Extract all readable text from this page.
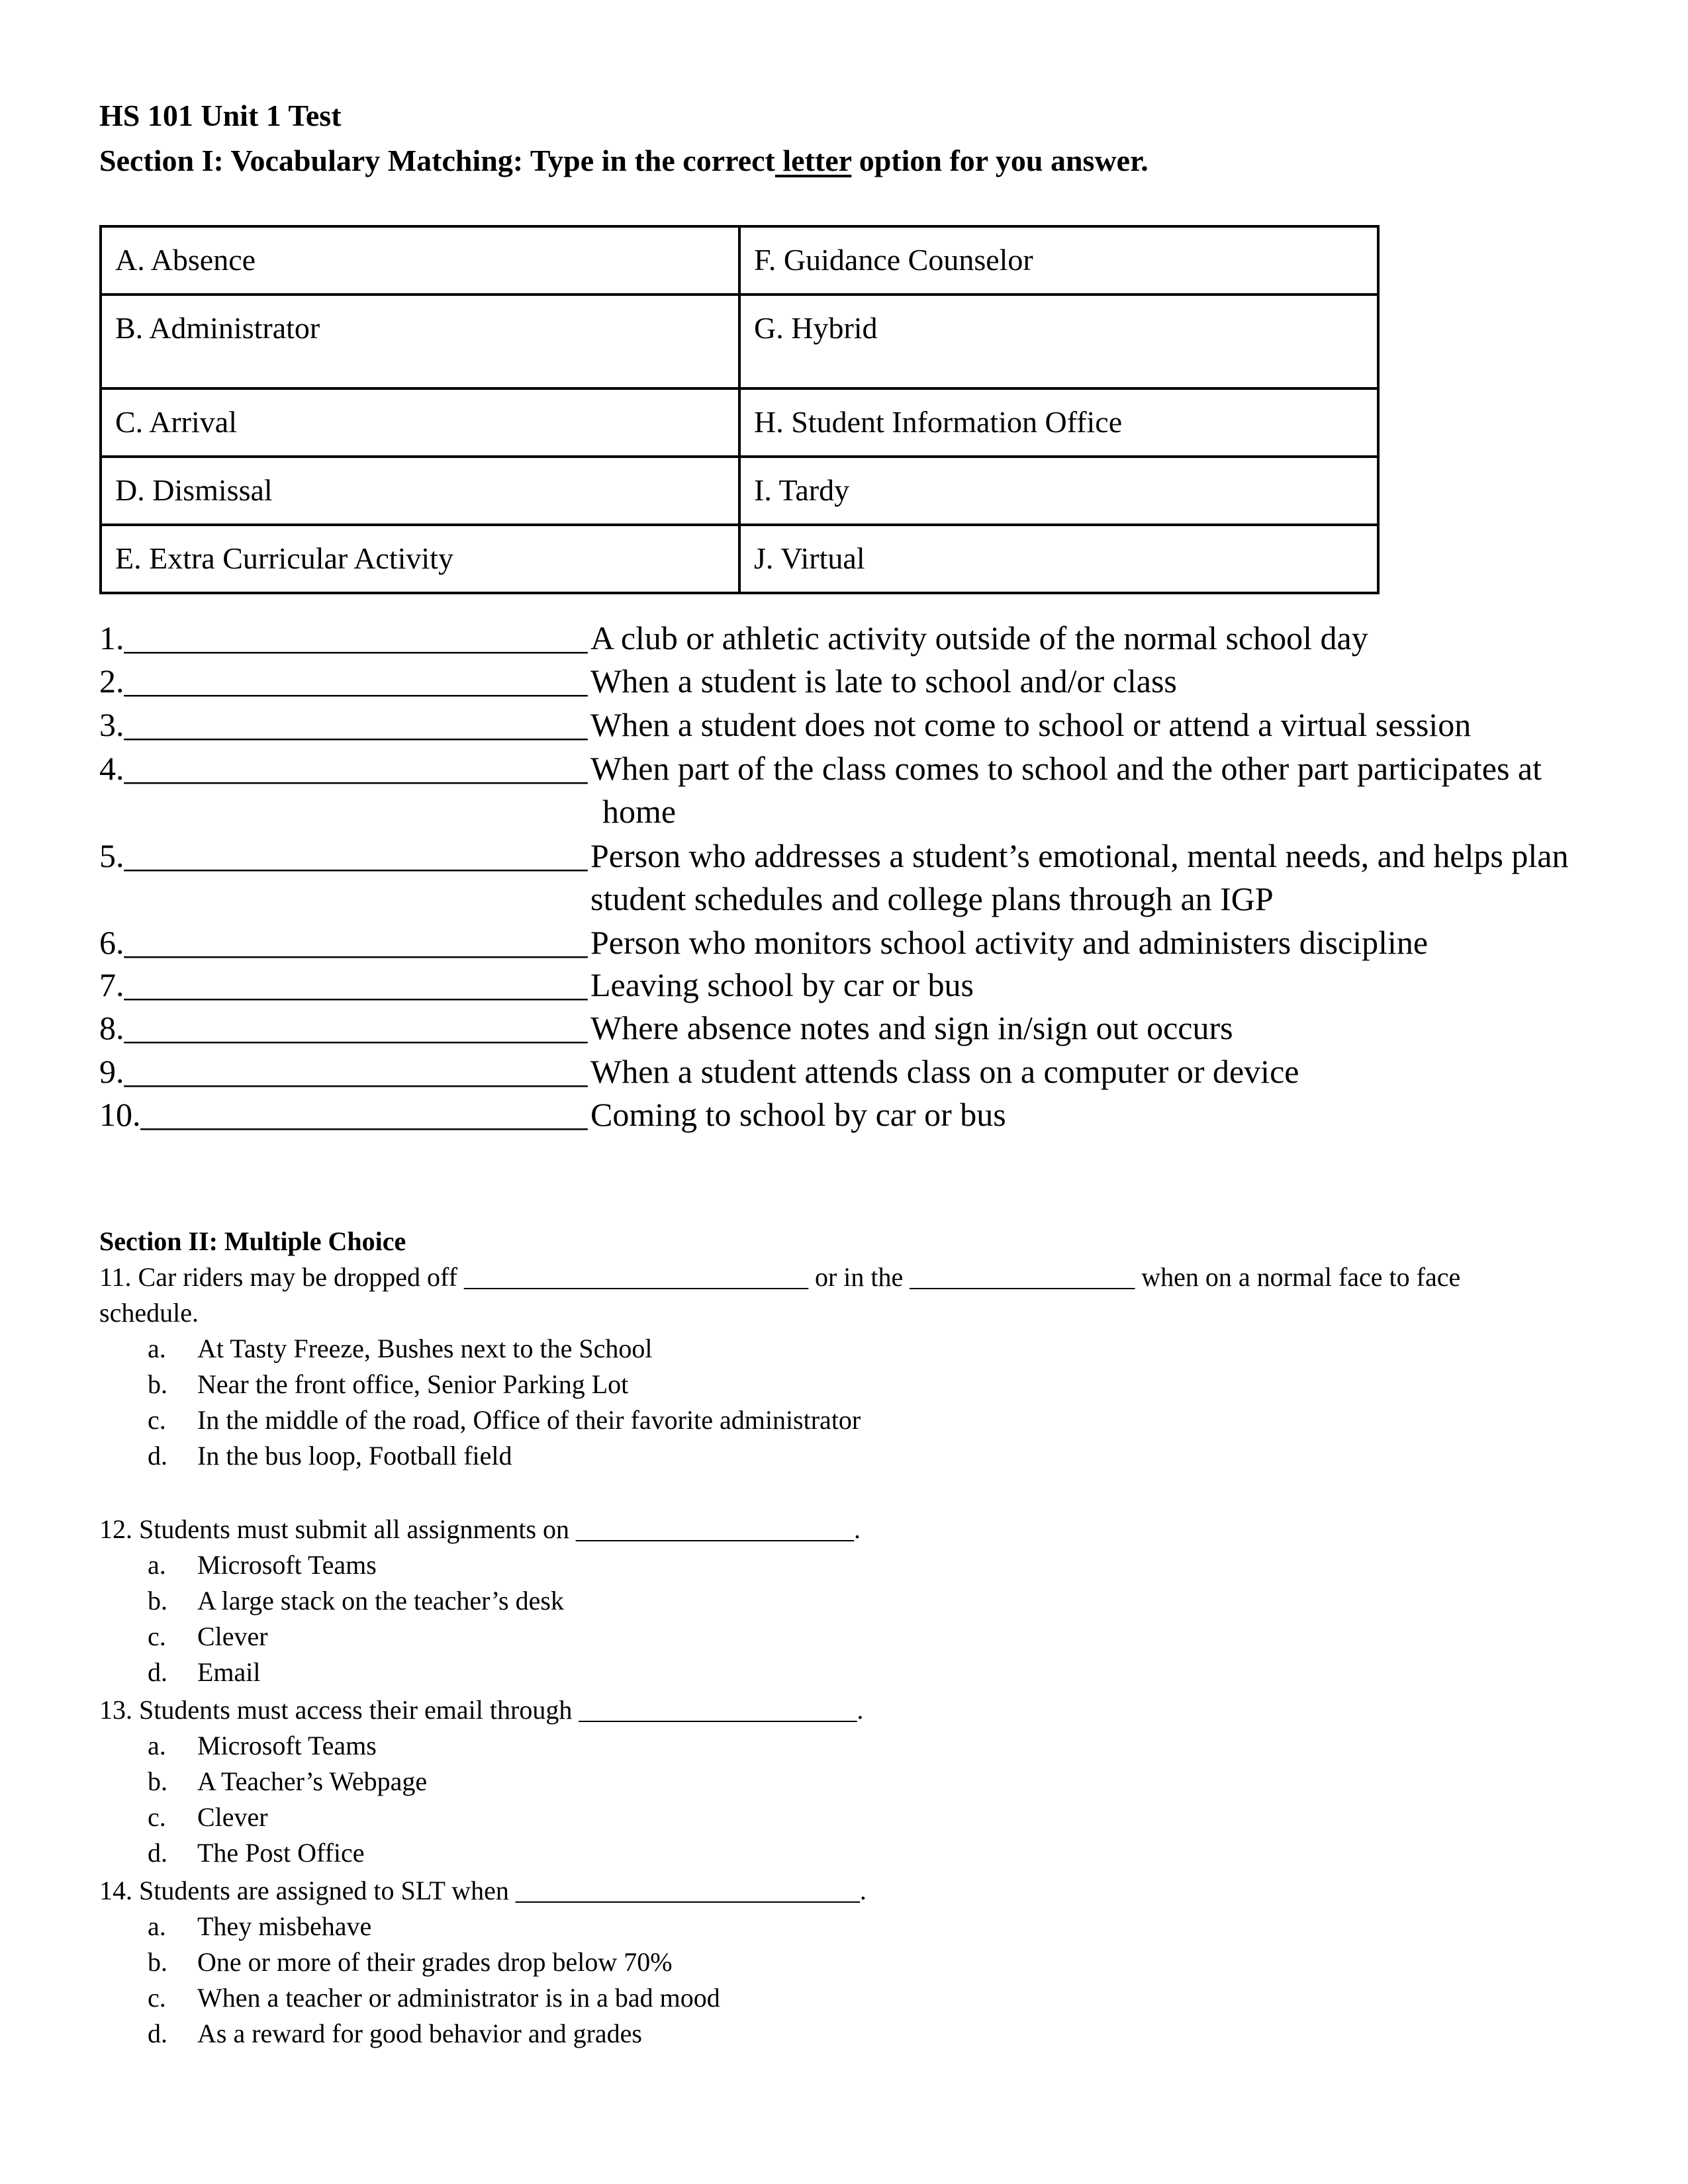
HS 101 Unit 1 Test
Section I: Vocabulary Matching: Type in the correct letter option for you answer.
A. Absence	F. Guidance Counselor

B. Administrator	G. Hybrid

C. Arrival	H. Student Information Office

D. Dismissal	I. Tardy

E. Extra Curricular Activity	J. Virtual
1.____________________________ A club or athletic activity outside of the normal school day
2.____________________________ When a student is late to school and/or class
3.____________________________ When a student does not come to school or attend a virtual session
4.____________________________ When part of the class comes to school and the other part participates at
home
5.____________________________ Person who addresses a student’s emotional, mental needs, and helps plan
student schedules and college plans through an IGP
6.____________________________ Person who monitors school activity and administers discipline
7.____________________________ Leaving school by car or bus
8.____________________________ Where absence notes and sign in/sign out occurs
9.____________________________ When a student attends class on a computer or device
10.___________________________ Coming to school by car or bus
Section II: Multiple Choice
11. Car riders may be dropped off __________________________ or in the _________________ when on a normal face to face
schedule.
a. At Tasty Freeze, Bushes next to the School
b. Near the front office, Senior Parking Lot
c. In the middle of the road, Office of their favorite administrator
d. In the bus loop, Football field
12. Students must submit all assignments on _____________________.
a. Microsoft Teams
b. A large stack on the teacher’s desk
c. Clever
d. Email
13. Students must access their email through _____________________.
a. Microsoft Teams
b. A Teacher’s Webpage
c. Clever
d. The Post Office
14. Students are assigned to SLT when __________________________.
a. They misbehave
b. One or more of their grades drop below 70%
c. When a teacher or administrator is in a bad mood
d. As a reward for good behavior and grades
